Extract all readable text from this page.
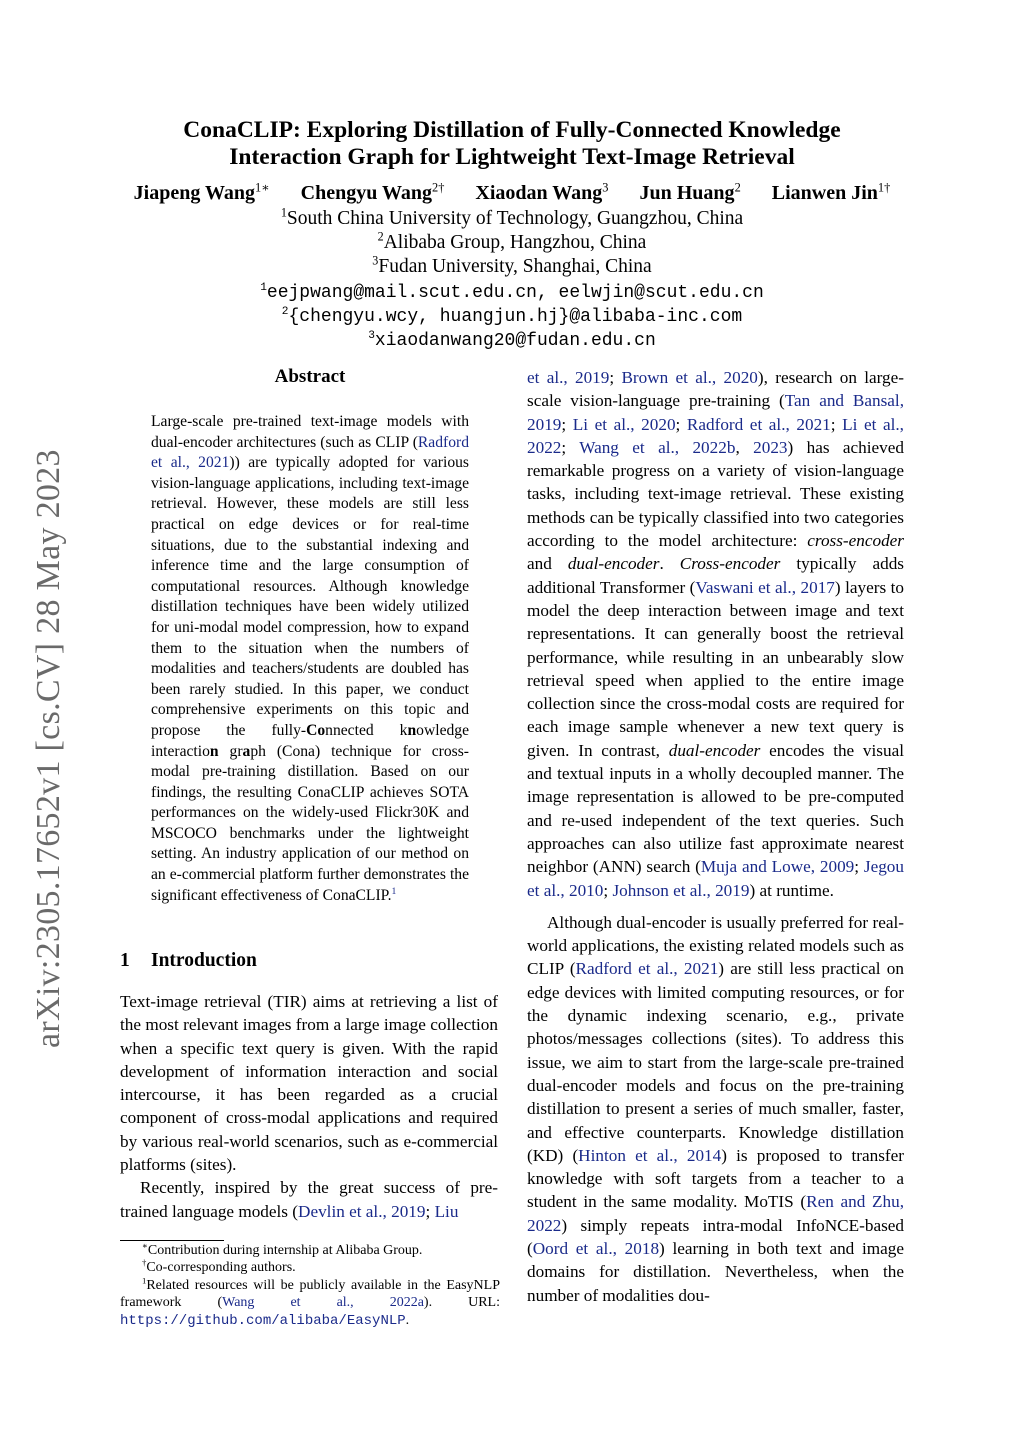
arXiv:2305.17652v1 [cs.CV] 28 May 2023
ConaCLIP: Exploring Distillation of Fully-Connected Knowledge
Interaction Graph for Lightweight Text-Image Retrieval
Jiapeng Wang$^{1∗}$ Chengyu Wang$^{2\dagger}$ Xiaodan Wang$^3$ Jun Huang$^2$ Lianwen Jin$^{1\dagger}$
$^1$South China University of Technology, Guangzhou, China
$^2$Alibaba Group, Hangzhou, China
$^3$Fudan University, Shanghai, China
$^1$eejpwang@mail.scut.edu.cn, eelwjin@scut.edu.cn
$^2${chengyu.wcy, huangjun.hj}@alibaba-inc.com
$^3$xiaodanwang20@fudan.edu.cn
Abstract
Large-scale pre-trained text-image models with dual-encoder architectures (such as CLIP (Radford et al., 2021)) are typically adopted for various vision-language applications, including text-image retrieval. However, these models are still less practical on edge devices or for real-time situations, due to the substantial indexing and inference time and the large consumption of computational resources. Although knowledge distillation techniques have been widely utilized for uni-modal model compression, how to expand them to the situation when the numbers of modalities and teachers/students are doubled has been rarely studied. In this paper, we conduct comprehensive experiments on this topic and propose the fully-Connected knowledge interaction graph (Cona) technique for cross-modal pre-training distillation. Based on our findings, the resulting ConaCLIP achieves SOTA performances on the widely-used Flickr30K and MSCOCO benchmarks under the lightweight setting. An industry application of our method on an e-commercial platform further demonstrates the significant effectiveness of ConaCLIP.$^1$
1 Introduction

Text-image retrieval (TIR) aims at retrieving a list of the most relevant images from a large image collection when a specific text query is given. With the rapid development of information interaction and social intercourse, it has been regarded as a crucial component of cross-modal applications and required by various real-world scenarios, such as e-commercial platforms (sites).

Recently, inspired by the great success of pre-trained language models (Devlin et al., 2019; Liu

∗Contribution during internship at Alibaba Group.

†Co-corresponding authors.

$^1$Related resources will be publicly available in the EasyNLP framework (Wang et al., 2022a). URL: https://github.com/alibaba/EasyNLP.

et al., 2019; Brown et al., 2020), research on large-scale vision-language pre-training (Tan and Bansal, 2019; Li et al., 2020; Radford et al., 2021; Li et al., 2022; Wang et al., 2022b, 2023) has achieved remarkable progress on a variety of vision-language tasks, including text-image retrieval. These existing methods can be typically classified into two categories according to the model architecture: cross-encoder and dual-encoder. Cross-encoder typically adds additional Transformer (Vaswani et al., 2017) layers to model the deep interaction between image and text representations. It can generally boost the retrieval performance, while resulting in an unbearably slow retrieval speed when applied to the entire image collection since the cross-modal costs are required for each image sample whenever a new text query is given. In contrast, dual-encoder encodes the visual and textual inputs in a wholly decoupled manner. The image representation is allowed to be pre-computed and re-used independent of the text queries. Such approaches can also utilize fast approximate nearest neighbor (ANN) search (Muja and Lowe, 2009; Jegou et al., 2010; Johnson et al., 2019) at runtime.

Although dual-encoder is usually preferred for real-world applications, the existing related models such as CLIP (Radford et al., 2021) are still less practical on edge devices with limited computing resources, or for the dynamic indexing scenario, e.g., private photos/messages collections (sites). To address this issue, we aim to start from the large-scale pre-trained dual-encoder models and focus on the pre-training distillation to present a series of much smaller, faster, and effective counterparts. Knowledge distillation (KD) (Hinton et al., 2014) is proposed to transfer knowledge with soft targets from a teacher to a student in the same modality. MoTIS (Ren and Zhu, 2022) simply repeats intra-modal InfoNCE-based (Oord et al., 2018) learning in both text and image domains for distillation. Nevertheless, when the number of modalities dou-
